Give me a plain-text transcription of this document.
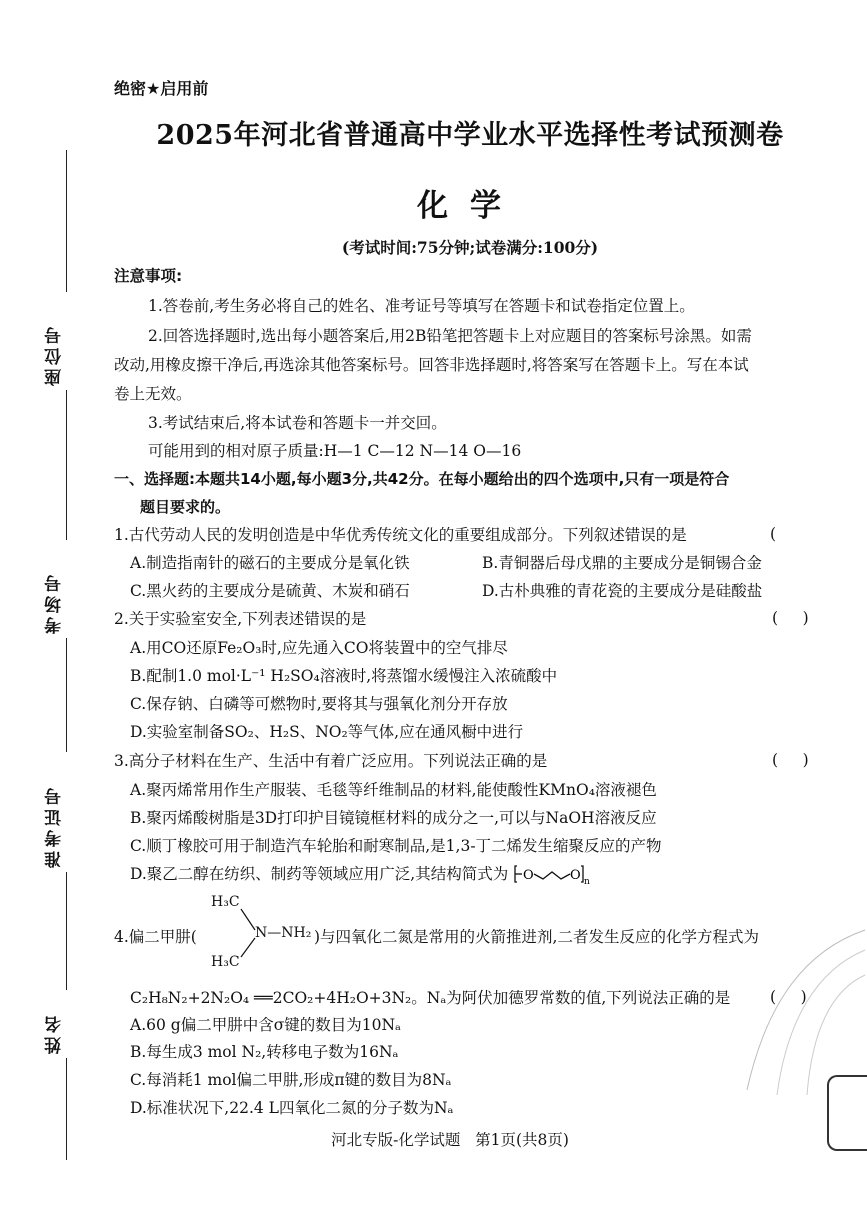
座位号
考场号
准考证号
姓名
绝密★启用前
2025年河北省普通高中学业水平选择性考试预测卷
化学
(考试时间:75分钟;试卷满分:100分)
注意事项:
1.答卷前,考生务必将自己的姓名、准考证号等填写在答题卡和试卷指定位置上。
2.回答选择题时,选出每小题答案后,用2B铅笔把答题卡上对应题目的答案标号涂黑。如需
改动,用橡皮擦干净后,再选涂其他答案标号。回答非选择题时,将答案写在答题卡上。写在本试
卷上无效。
3.考试结束后,将本试卷和答题卡一并交回。
可能用到的相对原子质量:H—1 C—12 N—14 O—16
一、选择题:本题共14小题,每小题3分,共42分。在每小题给出的四个选项中,只有一项是符合
题目要求的。
1.古代劳动人民的发明创造是中华优秀传统文化的重要组成部分。下列叙述错误的是	(
A.制造指南针的磁石的主要成分是氧化铁	B.青铜器后母戊鼎的主要成分是铜锡合金
C.黑火药的主要成分是硫黄、木炭和硝石	D.古朴典雅的青花瓷的主要成分是硅酸盐
2.关于实验室安全,下列表述错误的是	(     )
A.用CO还原Fe₂O₃时,应先通入CO将装置中的空气排尽
B.配制1.0 mol·L⁻¹ H₂SO₄溶液时,将蒸馏水缓慢注入浓硫酸中
C.保存钠、白磷等可燃物时,要将其与强氧化剂分开存放
D.实验室制备SO₂、H₂S、NO₂等气体,应在通风橱中进行
3.高分子材料在生产、生活中有着广泛应用。下列说法正确的是	(     )
A.聚丙烯常用作生产服装、毛毯等纤维制品的材料,能使酸性KMnO₄溶液褪色
B.聚丙烯酸树脂是3D打印护目镜镜框材料的成分之一,可以与NaOH溶液反应
C.顺丁橡胶可用于制造汽车轮胎和耐寒制品,是1,3-丁二烯发生缩聚反应的产物
D.聚乙二醇在纺织、制药等领域应用广泛,其结构简式为 O	O n
H₃C
N—NH₂
H₃C
4.偏二甲肼(	)与四氧化二氮是常用的火箭推进剂,二者发生反应的化学方程式为
C₂H₈N₂+2N₂O₄ ══2CO₂+4H₂O+3N₂。Nₐ为阿伏加德罗常数的值,下列说法正确的是	(     )
A.60 g偏二甲肼中含σ键的数目为10Nₐ
B.每生成3 mol N₂,转移电子数为16Nₐ
C.每消耗1 mol偏二甲肼,形成π键的数目为8Nₐ
D.标准状况下,22.4 L四氧化二氮的分子数为Nₐ
河北专版-化学试题   第1页(共8页)
